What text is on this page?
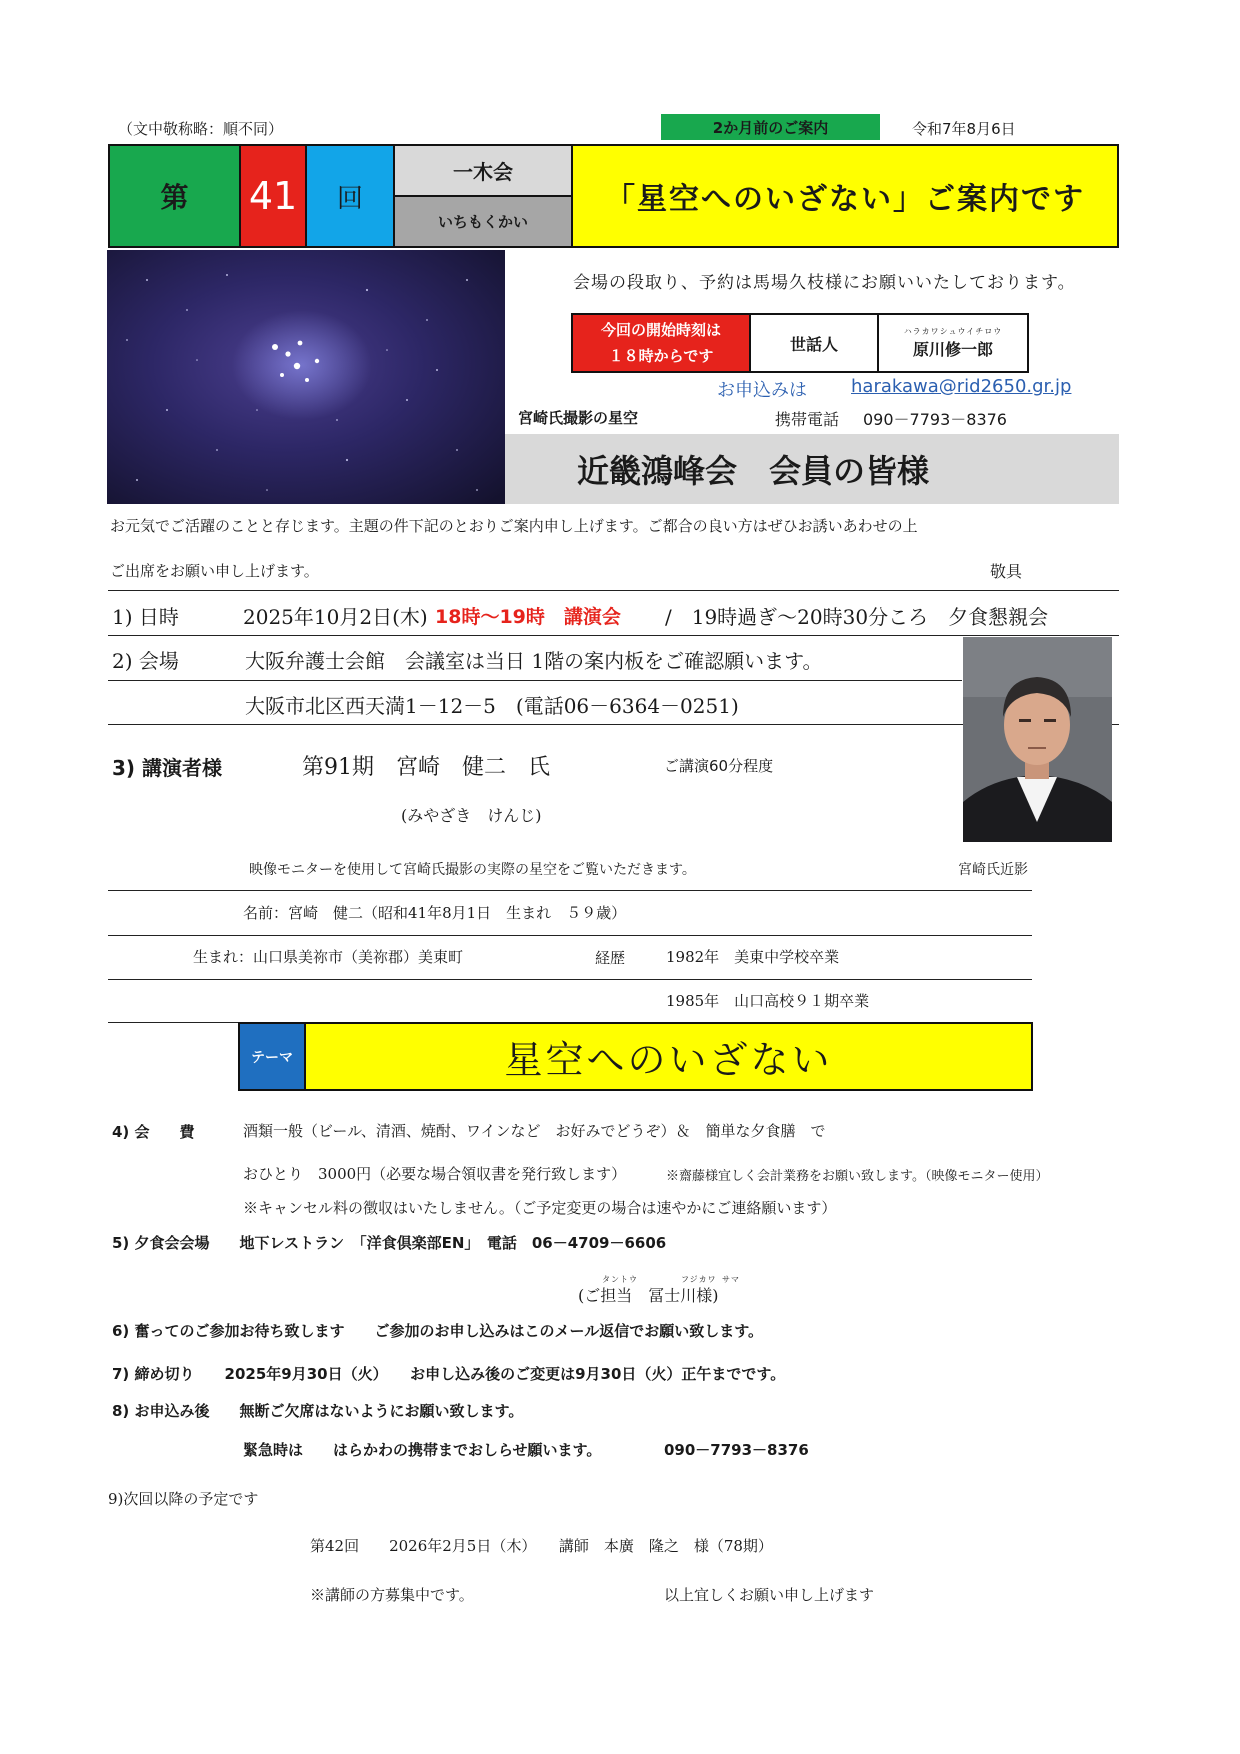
（文中敬称略：順不同）	2か月前のご案内	令和7年8月6日
第	41	回
一木会
いちもくかい
「星空へのいざない」ご案内です
会場の段取り、予約は馬場久枝様にお願いいたしております。
今回の開始時刻は
１８時からです
世話人
ハラカワシュウイチロウ
原川修一郎
お申込みは harakawa@rid2650.gr.jp
宮崎氏撮影の星空	携帯電話 090－7793－8376
近畿鴻峰会　会員の皆様
お元気でご活躍のことと存じます。主題の件下記のとおりご案内申し上げます。ご都合の良い方はぜひお誘いあわせの上
ご出席をお願い申し上げます。	敬具
1) 日時	2025年10月2日(木) 18時～19時　講演会 /　19時過ぎ～20時30分ころ　夕食懇親会
2) 会場	大阪弁護士会館　会議室は当日 1階の案内板をご確認願います。
大阪市北区西天満1－12－5　(電話06－6364－0251)
3) 講演者様	第91期　宮崎　健二　氏	ご講演60分程度
(みやざき　けんじ)
映像モニターを使用して宮崎氏撮影の実際の星空をご覧いただきます。	宮崎氏近影
名前：宮崎　健二（昭和41年8月1日　生まれ　５９歳）
生まれ：山口県美祢市（美祢郡）美東町	経歴	1982年　美東中学校卒業
1985年　山口高校９１期卒業
テーマ	星空へのいざない
4) 会　　費	酒類一般（ビール、清酒、焼酎、ワインなど　お好みでどうぞ）＆　簡単な夕食膳　で
おひとり　3000円（必要な場合領収書を発行致します）	※齋藤様宜しく会計業務をお願い致します。（映像モニター使用）
※キャンセル料の徴収はいたしません。（ご予定変更の場合は速やかにご連絡願います）
5) 夕食会会場　　地下レストラン　「洋食倶楽部EN」　電話　06－4709－6606
タントウ	フジカワ サマ
(ご担当　冨士川様)
6) 奮ってのご参加お待ち致します　　ご参加のお申し込みはこのメール返信でお願い致します。
7) 締め切り　　2025年9月30日（火）　　お申し込み後のご変更は9月30日（火）正午までです。
8) お申込み後　　無断ご欠席はないようにお願い致します。
緊急時は　　はらかわの携帯までおしらせ願います。	090－7793－8376
9)次回以降の予定です
第42回　　2026年2月5日（木）　　講師　本廣　隆之　様（78期）
※講師の方募集中です。	以上宜しくお願い申し上げます
